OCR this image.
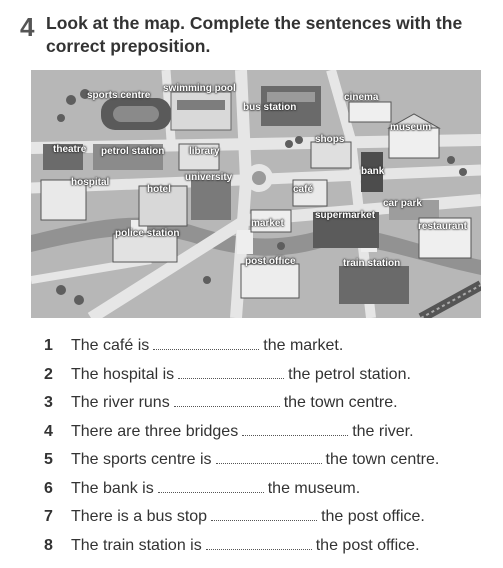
4 Look at the map. Complete the sentences with the correct preposition.
sports centre
swimming pool
bus station
cinema
museum
theatre petrol station library
shops
hospital	university
hotel	café
bank
car park
supermarket
market	restaurant
police station
post office	train station
1 The café is	the market.
2 The hospital is	the petrol station.
3 The river runs	the town centre.
4 There are three bridges	the river.
5 The sports centre is	the town centre.
6 The bank is	the museum.
7 There is a bus stop	the post office.
8 The train station is	the post office.
